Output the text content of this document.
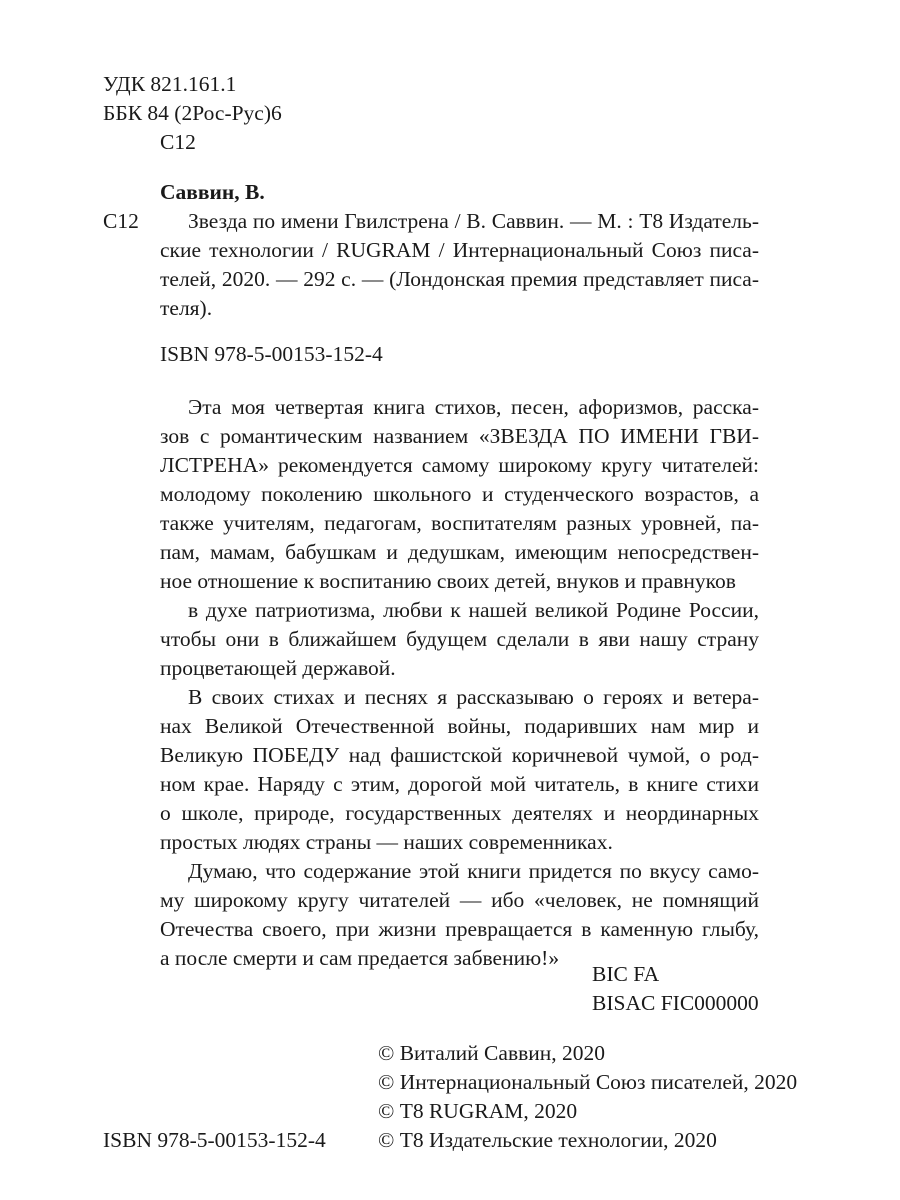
УДК 821.161.1
ББК 84 (2Рос-Рус)6
С12
Саввин, В.
С12 Звезда по имени Гвилстрена / В. Саввин. — М. : Т8 Издатель-
ские технологии / RUGRAM / Интернациональный Союз писа-
телей, 2020. — 292 с. — (Лондонская премия представляет писа-
теля).
ISBN 978-5-00153-152-4
Эта моя четвертая книга стихов, песен, афоризмов, расска-
зов с романтическим названием «ЗВЕЗДА ПО ИМЕНИ ГВИ-
ЛСТРЕНА» рекомендуется самому широкому кругу читателей:
молодому поколению школьного и студенческого возрастов, а
также учителям, педагогам, воспитателям разных уровней, па-
пам, мамам, бабушкам и дедушкам, имеющим непосредствен-
ное отношение к воспитанию своих детей, внуков и правнуков
в духе патриотизма, любви к нашей великой Родине России,
чтобы они в ближайшем будущем сделали в яви нашу страну
процветающей державой.
В своих стихах и песнях я рассказываю о героях и ветера-
нах Великой Отечественной войны, подаривших нам мир и
Великую ПОБЕДУ над фашистской коричневой чумой, о род-
ном крае. Наряду с этим, дорогой мой читатель, в книге стихи
о школе, природе, государственных деятелях и неординарных
простых людях страны — наших современниках.
Думаю, что содержание этой книги придется по вкусу само-
му широкому кругу читателей — ибо «человек, не помнящий
Отечества своего, при жизни превращается в каменную глыбу,
а после смерти и сам предается забвению!»
BIC FA
BISAC FIC000000
© Виталий Саввин, 2020
© Интернациональный Союз писателей, 2020
© Т8 RUGRAM, 2020
© Т8 Издательские технологии, 2020
ISBN 978-5-00153-152-4
